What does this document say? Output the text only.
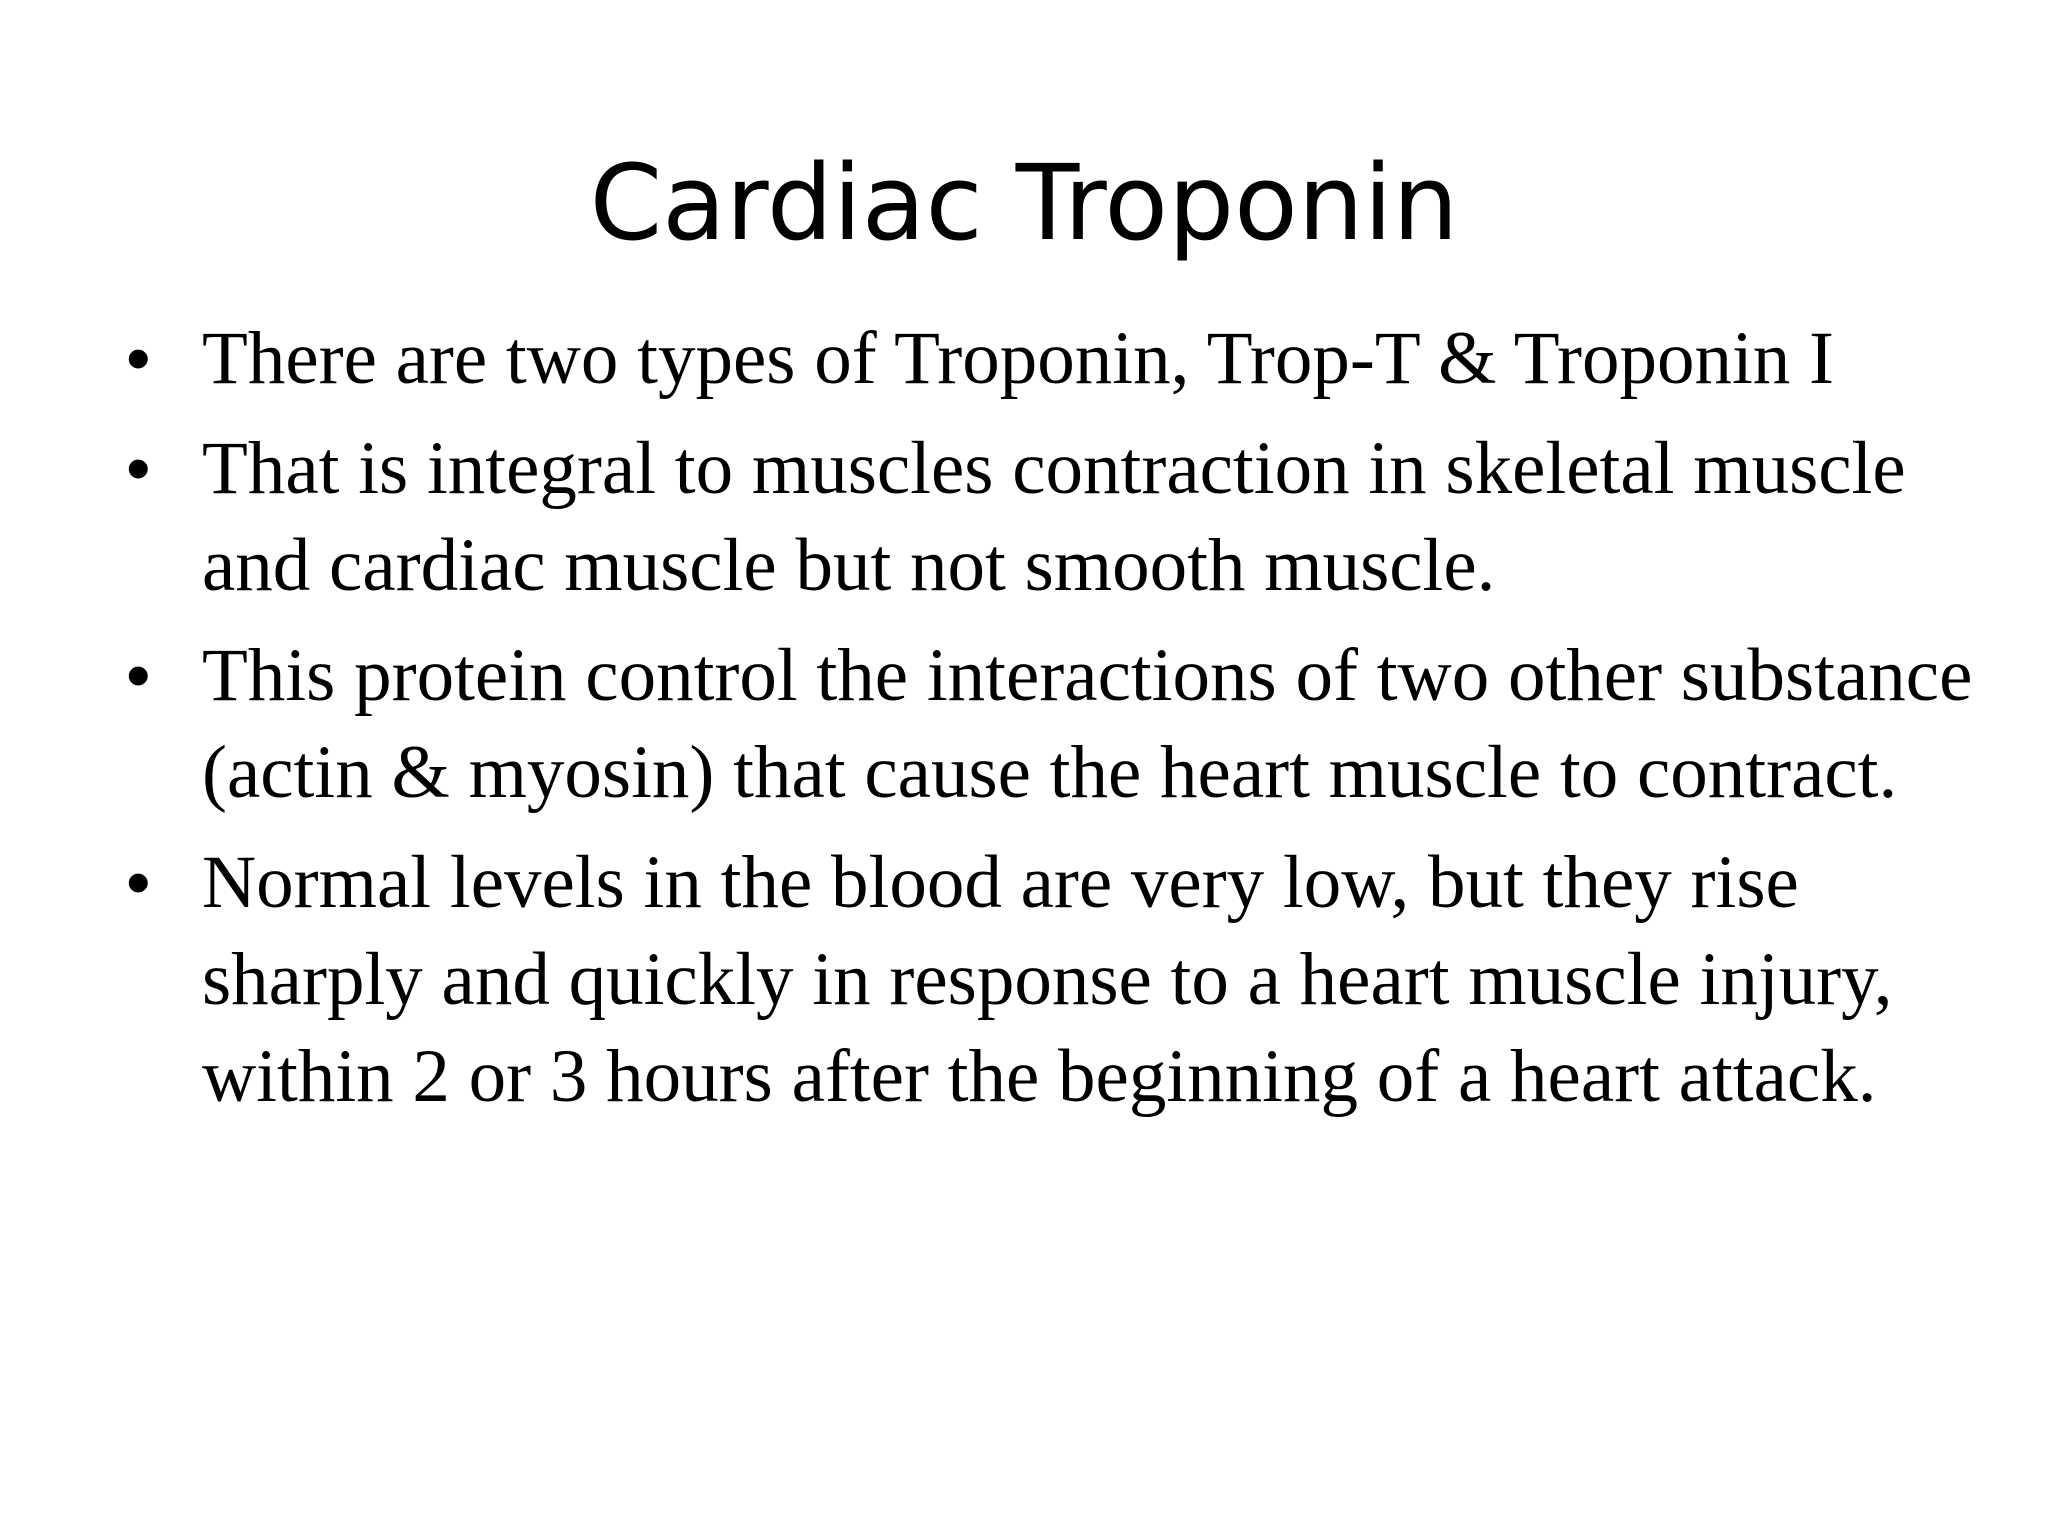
Cardiac Troponin
• There are two types of Troponin, Trop-T & Troponin I
• That is integral to muscles contraction in skeletal muscle and cardiac muscle but not smooth muscle.
• This protein control the interactions of two other substance (actin & myosin) that cause the heart muscle to contract.
• Normal levels in the blood are very low, but they rise sharply and quickly in response to a heart muscle injury, within 2 or 3 hours after the beginning of a heart attack.
